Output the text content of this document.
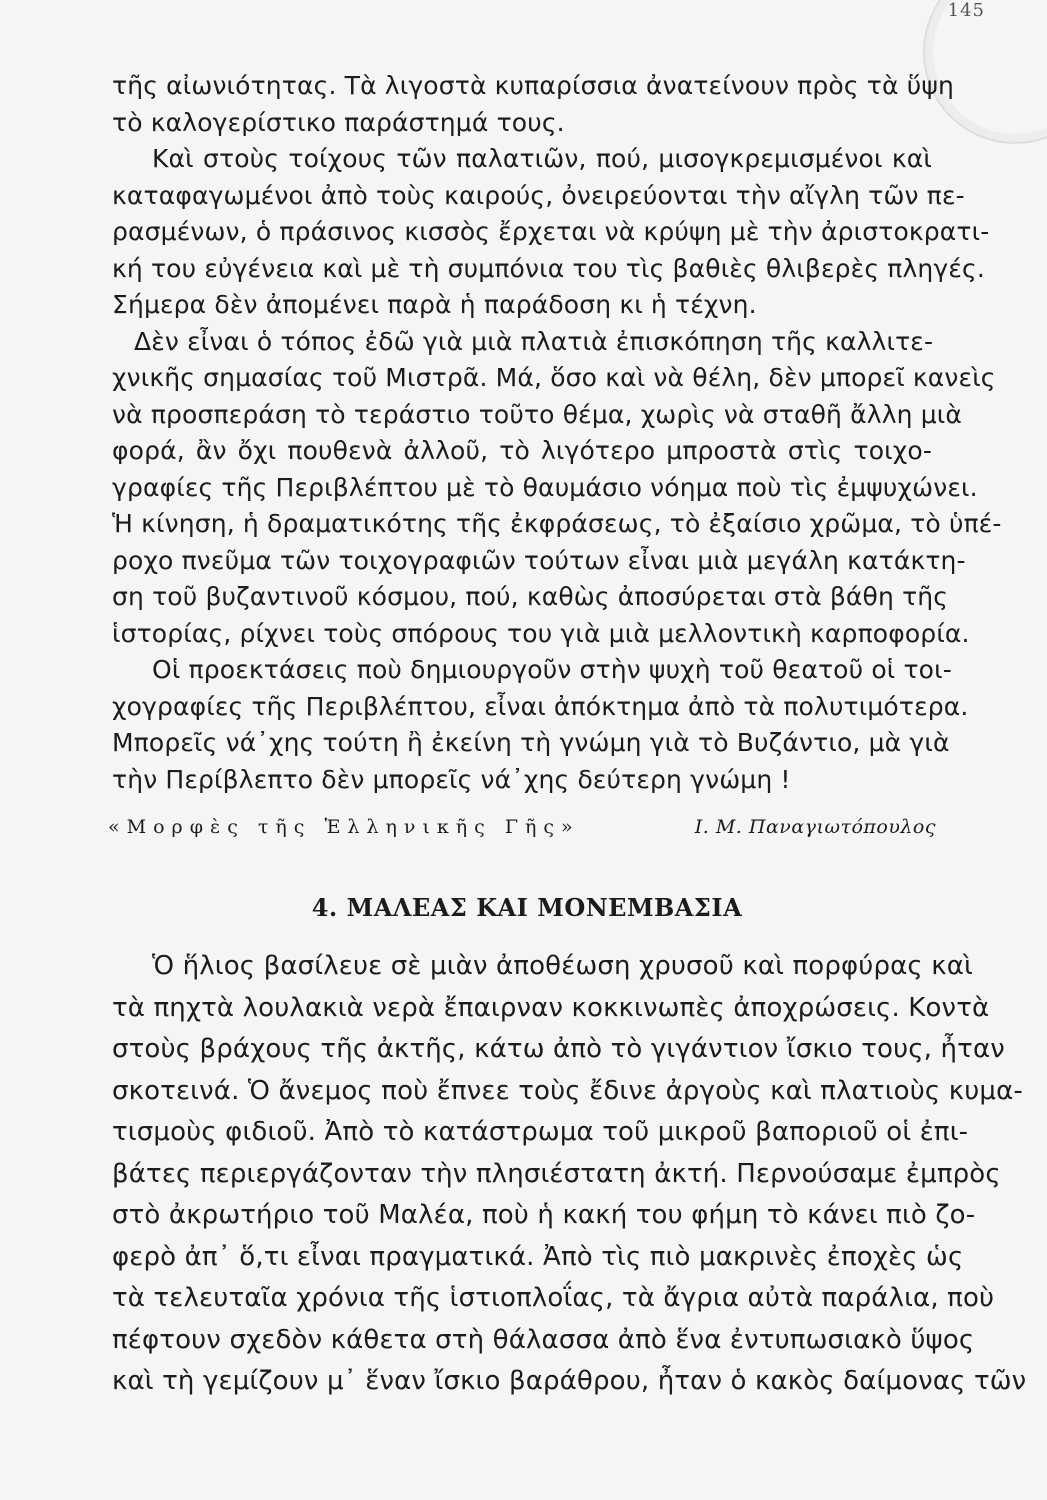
145
τῆς αἰωνιότητας. Τὰ λιγοστὰ κυπαρίσσια ἀνατείνουν πρὸς τὰ ὕψη
τὸ καλογερίστικο παράστημά τους.
Καὶ στοὺς τοίχους τῶν παλατιῶν, πού, μισογκρεμισμένοι καὶ
καταφαγωμένοι ἀπὸ τοὺς καιρούς, ὀνειρεύονται τὴν αἴγλη τῶν πε-
ρασμένων, ὁ πράσινος κισσὸς ἔρχεται νὰ κρύψη μὲ τὴν ἀριστοκρατι-
κή του εὐγένεια καὶ μὲ τὴ συμπόνια του τὶς βαθιὲς θλιβερὲς πληγές.
Σήμερα δὲν ἀπομένει παρὰ ἡ παράδοση κι ἡ τέχνη.
Δὲν εἶναι ὁ τόπος ἐδῶ γιὰ μιὰ πλατιὰ ἐπισκόπηση τῆς καλλιτε-
χνικῆς σημασίας τοῦ Μιστρᾶ. Μά, ὅσο καὶ νὰ θέλη, δὲν μπορεῖ κανεὶς
νὰ προσπεράση τὸ τεράστιο τοῦτο θέμα, χωρὶς νὰ σταθῆ ἄλλη μιὰ
φορά, ἂν ὄχι πουθενὰ ἀλλοῦ, τὸ λιγότερο μπροστὰ στὶς τοιχο-
γραφίες τῆς Περιβλέπτου μὲ τὸ θαυμάσιο νόημα ποὺ τὶς ἐμψυχώνει.
Ἡ κίνηση, ἡ δραματικότης τῆς ἐκφράσεως, τὸ ἐξαίσιο χρῶμα, τὸ ὑπέ-
ροχο πνεῦμα τῶν τοιχογραφιῶν τούτων εἶναι μιὰ μεγάλη κατάκτη-
ση τοῦ βυζαντινοῦ κόσμου, πού, καθὼς ἀποσύρεται στὰ βάθη τῆς
ἱστορίας, ρίχνει τοὺς σπόρους του γιὰ μιὰ μελλοντικὴ καρποφορία.
Οἱ προεκτάσεις ποὺ δημιουργοῦν στὴν ψυχὴ τοῦ θεατοῦ οἱ τοι-
χογραφίες τῆς Περιβλέπτου, εἶναι ἀπόκτημα ἀπὸ τὰ πολυτιμότερα.
Μπορεῖς νά᾽χης τούτη ἢ ἐκείνη τὴ γνώμη γιὰ τὸ Βυζάντιο, μὰ γιὰ
τὴν Περίβλεπτο δὲν μπορεῖς νά᾽χης δεύτερη γνώμη !
«Μορφὲς τῆς Ἑλληνικῆς Γῆς»	Ι. Μ. Παναγιωτόπουλος
4. ΜΑΛΕΑΣ ΚΑΙ ΜΟΝΕΜΒΑΣΙΑ
Ὁ ἥλιος βασίλευε σὲ μιὰν ἀποθέωση χρυσοῦ καὶ πορφύρας καὶ
τὰ πηχτὰ λουλακιὰ νερὰ ἔπαιρναν κοκκινωπὲς ἀποχρώσεις. Κοντὰ
στοὺς βράχους τῆς ἀκτῆς, κάτω ἀπὸ τὸ γιγάντιον ἴσκιο τους, ἦταν
σκοτεινά. Ὁ ἄνεμος ποὺ ἔπνεε τοὺς ἔδινε ἀργοὺς καὶ πλατιοὺς κυμα-
τισμοὺς φιδιοῦ. Ἀπὸ τὸ κατάστρωμα τοῦ μικροῦ βαποριοῦ οἱ ἐπι-
βάτες περιεργάζονταν τὴν πλησιέστατη ἀκτή. Περνούσαμε ἐμπρὸς
στὸ ἀκρωτήριο τοῦ Μαλέα, ποὺ ἡ κακή του φήμη τὸ κάνει πιὸ ζο-
φερὸ ἀπ᾽ ὅ,τι εἶναι πραγματικά. Ἀπὸ τὶς πιὸ μακρινὲς ἐποχὲς ὡς
τὰ τελευταῖα χρόνια τῆς ἱστιοπλοΐας, τὰ ἄγρια αὐτὰ παράλια, ποὺ
πέφτουν σχεδὸν κάθετα στὴ θάλασσα ἀπὸ ἕνα ἐντυπωσιακὸ ὕψος
καὶ τὴ γεμίζουν μ᾽ ἕναν ἴσκιο βαράθρου, ἦταν ὁ κακὸς δαίμονας τῶν
